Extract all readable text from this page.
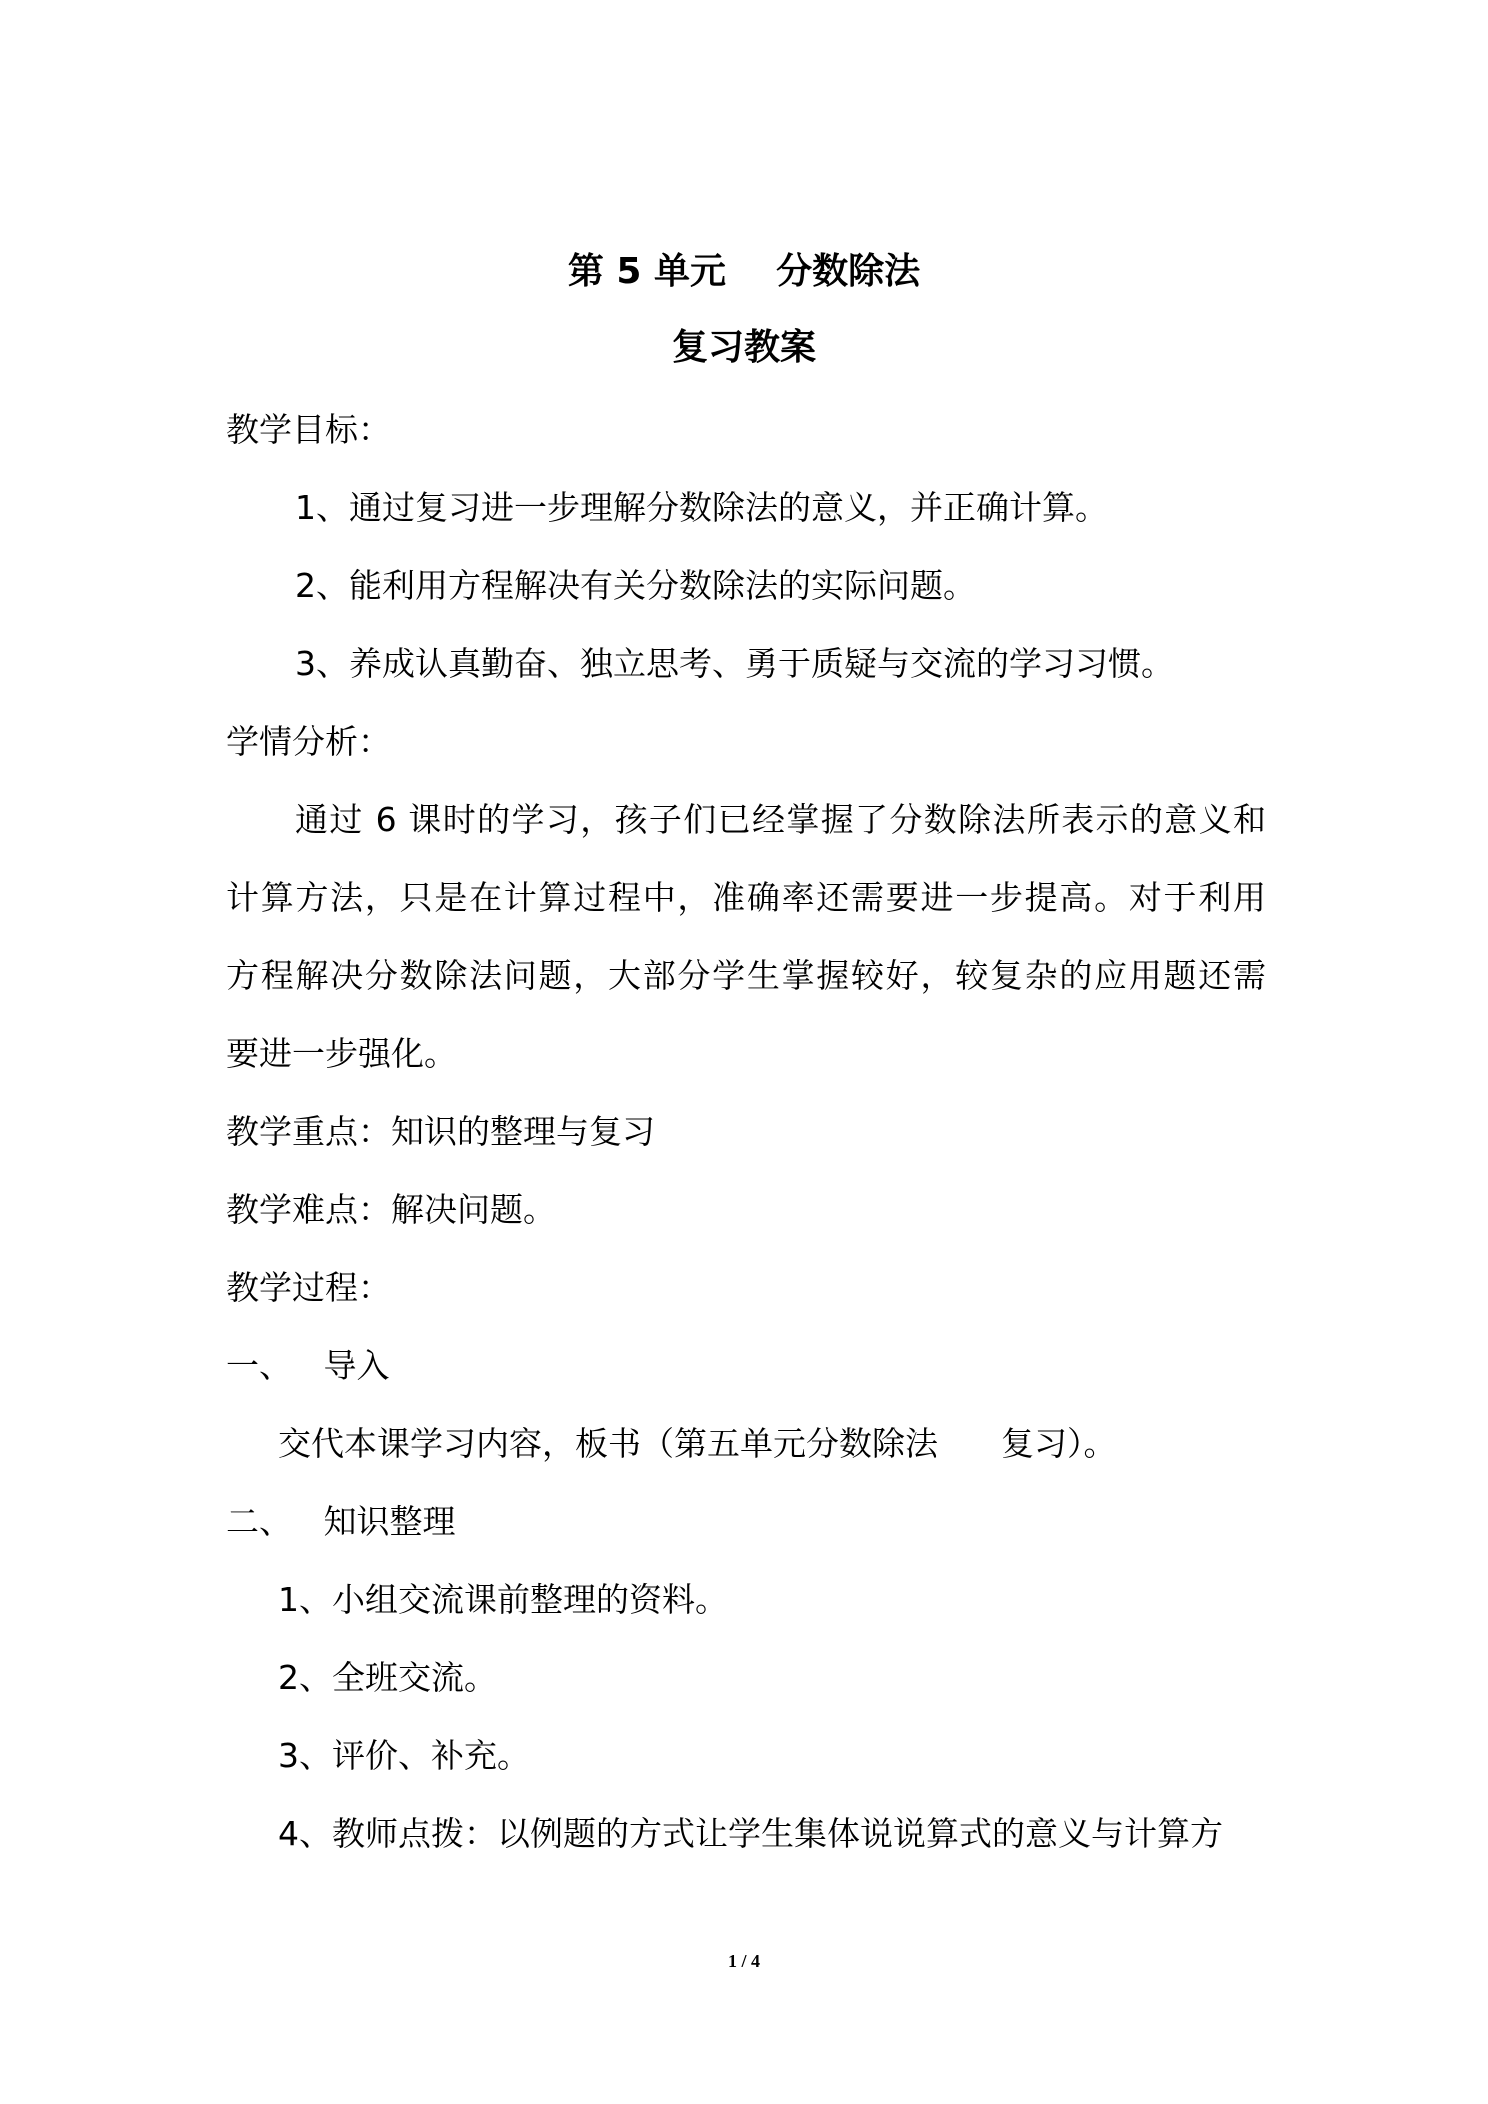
第 5 单元    分数除法
复习教案
教学目标：
1、通过复习进一步理解分数除法的意义，并正确计算。
2、能利用方程解决有关分数除法的实际问题。
3、养成认真勤奋、独立思考、勇于质疑与交流的学习习惯。
学情分析：
通过 6 课时的学习，孩子们已经掌握了分数除法所表示的意义和
计算方法，只是在计算过程中，准确率还需要进一步提高。对于利用
方程解决分数除法问题，大部分学生掌握较好，较复杂的应用题还需
要进一步强化。
教学重点：知识的整理与复习
教学难点：解决问题。
教学过程：
一、   导入
交代本课学习内容，板书（第五单元分数除法      复习）。
二、   知识整理
1、小组交流课前整理的资料。
2、全班交流。
3、评价、补充。
4、教师点拨：以例题的方式让学生集体说说算式的意义与计算方
1 / 4
